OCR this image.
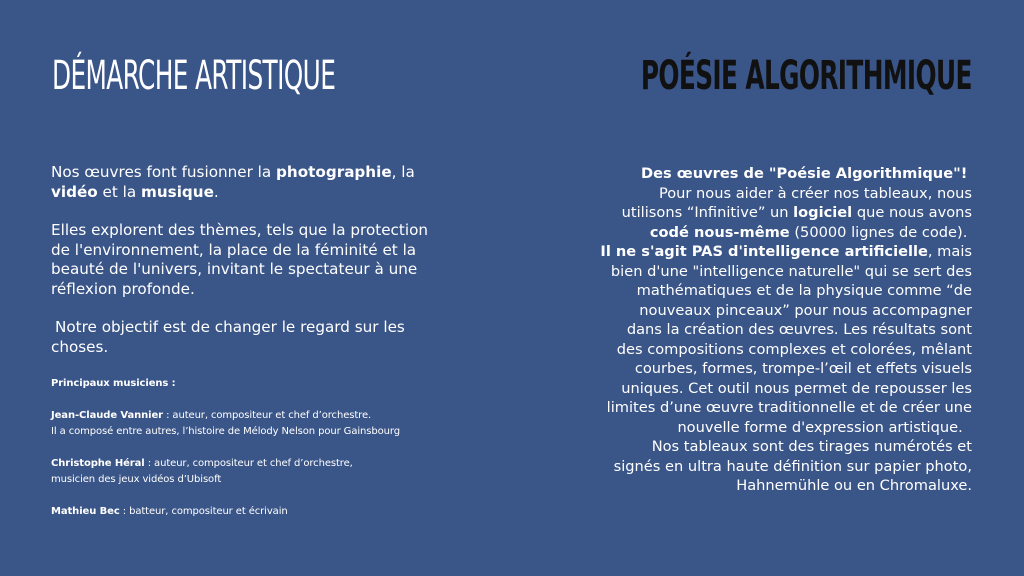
DÉMARCHE ARTISTIQUE	POÉSIE ALGORITHMIQUE

Nos œuvres font fusionner la photographie, la vidéo et la musique.

Elles explorent des thèmes, tels que la protection de l'environnement, la place de la féminité et la beauté de l'univers, invitant le spectateur à une réflexion profonde.

Notre objectif est de changer le regard sur les choses.

Principaux musiciens :

Jean-Claude Vannier : auteur, compositeur et chef d’orchestre.
Il a composé entre autres, l’histoire de Mélody Nelson pour Gainsbourg

Christophe Héral : auteur, compositeur et chef d’orchestre,
musicien des jeux vidéos d’Ubisoft

Mathieu Bec : batteur, compositeur et écrivain

Des œuvres de "Poésie Algorithmique"!
Pour nous aider à créer nos tableaux, nous
utilisons “Infinitive” un logiciel que nous avons
codé nous-même (50000 lignes de code).
Il ne s'agit PAS d'intelligence artificielle, mais
bien d'une "intelligence naturelle" qui se sert des
mathématiques et de la physique comme “de
nouveaux pinceaux” pour nous accompagner
dans la création des œuvres. Les résultats sont
des compositions complexes et colorées, mêlant
courbes, formes, trompe-l’œil et effets visuels
uniques. Cet outil nous permet de repousser les
limites d’une œuvre traditionnelle et de créer une
nouvelle forme d'expression artistique.
Nos tableaux sont des tirages numérotés et
signés en ultra haute définition sur papier photo,
Hahnemühle ou en Chromaluxe.
